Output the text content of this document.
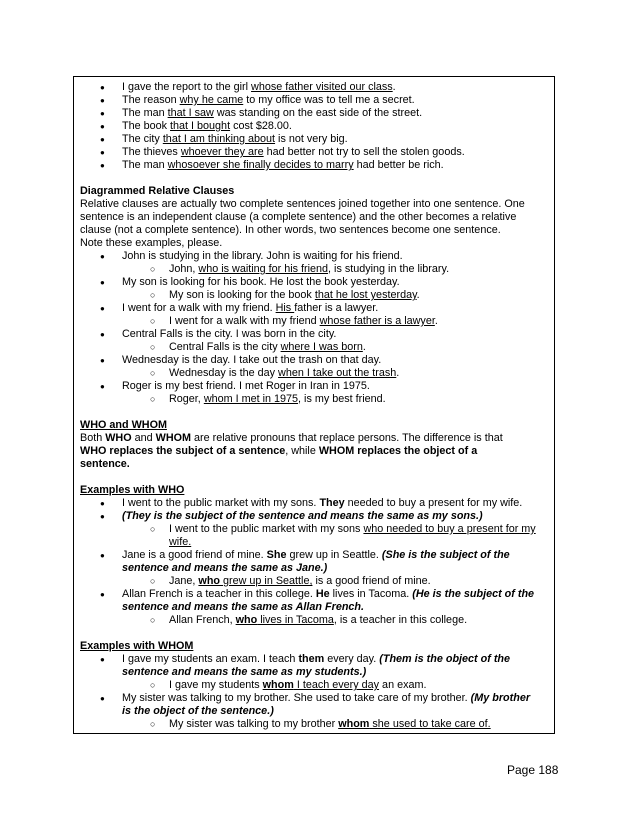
● I gave the report to the girl whose father visited our class.
● The reason why he came to my office was to tell me a secret.
● The man that I saw was standing on the east side of the street.
● The book that I bought cost $28.00.
● The city that I am thinking about is not very big.
● The thieves whoever they are had better not try to sell the stolen goods.
● The man whosoever she finally decides to marry had better be rich.
Diagrammed Relative Clauses
Relative clauses are actually two complete sentences joined together into one sentence. One
sentence is an independent clause (a complete sentence) and the other becomes a relative
clause (not a complete sentence). In other words, two sentences become one sentence.
Note these examples, please.
● John is studying in the library. John is waiting for his friend.
○ John, who is waiting for his friend, is studying in the library.
● My son is looking for his book. He lost the book yesterday.
○ My son is looking for the book that he lost yesterday.
● I went for a walk with my friend. His father is a lawyer.
○ I went for a walk with my friend whose father is a lawyer.
● Central Falls is the city. I was born in the city.
○ Central Falls is the city where I was born.
● Wednesday is the day. I take out the trash on that day.
○ Wednesday is the day when I take out the trash.
● Roger is my best friend. I met Roger in Iran in 1975.
○ Roger, whom I met in 1975, is my best friend.
WHO and WHOM
Both WHO and WHOM are relative pronouns that replace persons. The difference is that
WHO replaces the subject of a sentence, while WHOM replaces the object of a
sentence.
Examples with WHO
● I went to the public market with my sons. They needed to buy a present for my wife.
● (They is the subject of the sentence and means the same as my sons.)
○ I went to the public market with my sons who needed to buy a present for my
wife.
● Jane is a good friend of mine. She grew up in Seattle. (She is the subject of the
sentence and means the same as Jane.)
○ Jane, who grew up in Seattle, is a good friend of mine.
● Allan French is a teacher in this college. He lives in Tacoma. (He is the subject of the
sentence and means the same as Allan French.
○ Allan French, who lives in Tacoma, is a teacher in this college.
Examples with WHOM
● I gave my students an exam. I teach them every day. (Them is the object of the
sentence and means the same as my students.)
○ I gave my students whom I teach every day an exam.
● My sister was talking to my brother. She used to take care of my brother. (My brother
is the object of the sentence.)
○ My sister was talking to my brother whom she used to take care of.
Page 188
